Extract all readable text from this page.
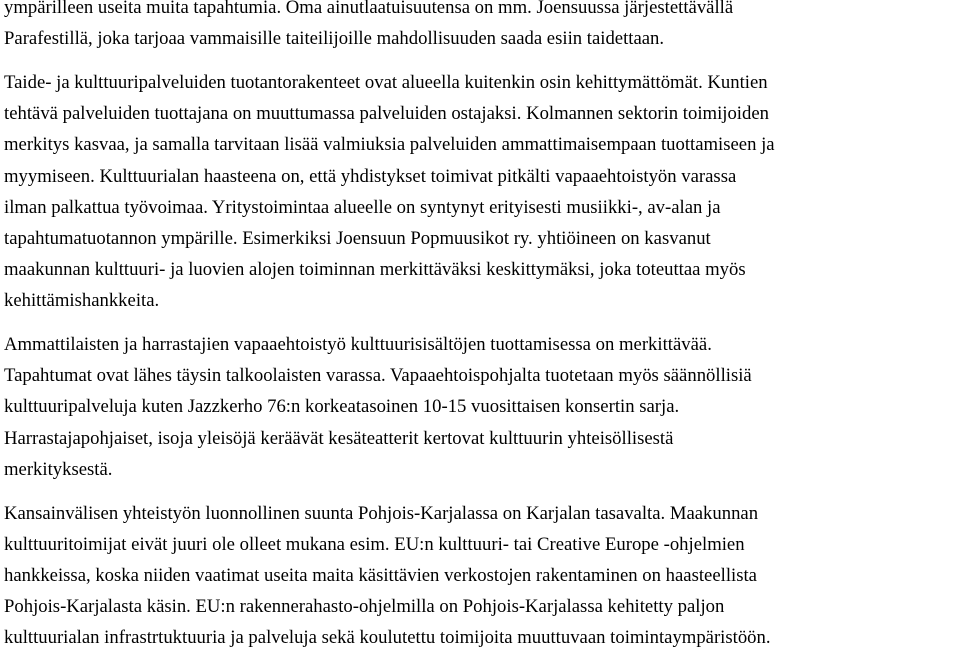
ympärilleen useita muita tapahtumia. Oma ainutlaatuisuutensa on mm. Joensuussa järjestettävällä
Parafestillä, joka tarjoaa vammaisille taiteilijoille mahdollisuuden saada esiin taidettaan.

Taide- ja kulttuuripalveluiden tuotantorakenteet ovat alueella kuitenkin osin kehittymättömät. Kuntien
tehtävä palveluiden tuottajana on muuttumassa palveluiden ostajaksi. Kolmannen sektorin toimijoiden
merkitys kasvaa, ja samalla tarvitaan lisää valmiuksia palveluiden ammattimaisempaan tuottamiseen ja
myymiseen. Kulttuurialan haasteena on, että yhdistykset toimivat pitkälti vapaaehtoistyön varassa
ilman palkattua työvoimaa. Yritystoimintaa alueelle on syntynyt erityisesti musiikki-, av-alan ja
tapahtumatuotannon ympärille. Esimerkiksi Joensuun Popmuusikot ry. yhtiöineen on kasvanut
maakunnan kulttuuri- ja luovien alojen toiminnan merkittäväksi keskittymäksi, joka toteuttaa myös
kehittämishankkeita.

Ammattilaisten ja harrastajien vapaaehtoistyö kulttuurisisältöjen tuottamisessa on merkittävää.
Tapahtumat ovat lähes täysin talkoolaisten varassa. Vapaaehtoispohjalta tuotetaan myös säännöllisiä
kulttuuripalveluja kuten Jazzkerho 76:n korkeatasoinen 10-15 vuosittaisen konsertin sarja.
Harrastajapohjaiset, isoja yleisöjä keräävät kesäteatterit kertovat kulttuurin yhteisöllisestä
merkityksestä.

Kansainvälisen yhteistyön luonnollinen suunta Pohjois-Karjalassa on Karjalan tasavalta. Maakunnan
kulttuuritoimijat eivät juuri ole olleet mukana esim. EU:n kulttuuri- tai Creative Europe -ohjelmien
hankkeissa, koska niiden vaatimat useita maita käsittävien verkostojen rakentaminen on haasteellista
Pohjois-Karjalasta käsin. EU:n rakennerahasto-ohjelmilla on Pohjois-Karjalassa kehitetty paljon
kulttuurialan infrastrtuktuuria ja palveluja sekä koulutettu toimijoita muuttuvaan toimintaympäristöön.
